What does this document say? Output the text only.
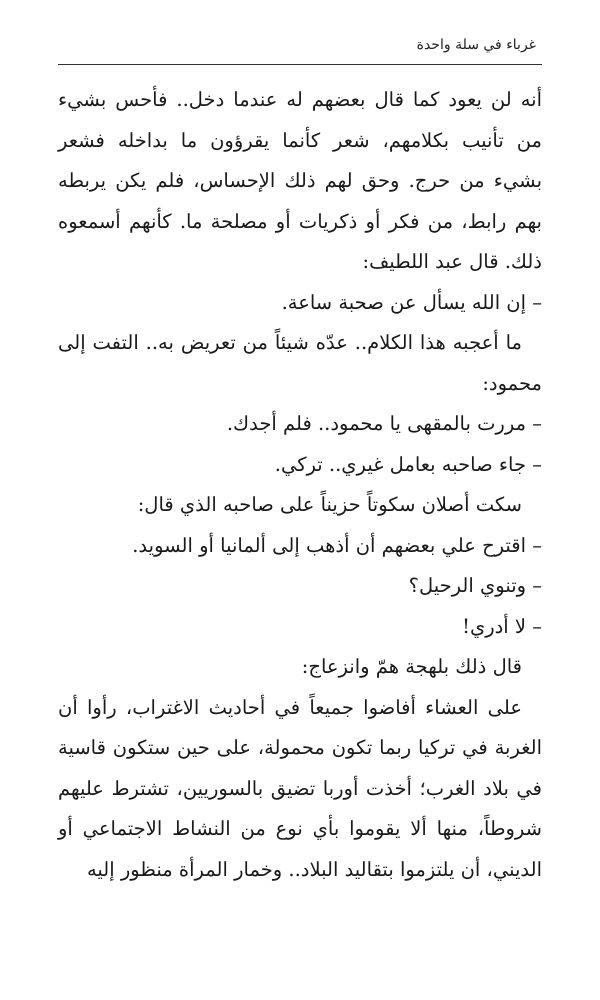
غرباء في سلة واحدة

أنه لن يعود كما قال بعضهم له عندما دخل.. فأحس بشيء من تأنيب بكلامهم، شعر كأنما يقرؤون ما بداخله فشعر بشيء من حرج. وحق لهم ذلك الإحساس، فلم يكن يربطه بهم رابط، من فكر أو ذكريات أو مصلحة ما. كأنهم أسمعوه ذلك. قال عبد اللطيف:

– إن الله يسأل عن صحبة ساعة.

ما أعجبه هذا الكلام.. عدّه شيئاً من تعريض به.. التفت إلى محمود:

– مررت بالمقهى يا محمود.. فلم أجدك.

– جاء صاحبه بعامل غيري.. تركي.

سكت أصلان سكوتاً حزيناً على صاحبه الذي قال:

– اقترح علي بعضهم أن أذهب إلى ألمانيا أو السويد.

– وتنوي الرحيل؟

– لا أدري!

قال ذلك بلهجة همّ وانزعاج:

على العشاء أفاضوا جميعاً في أحاديث الاغتراب، رأوا أن الغربة في تركيا ربما تكون محمولة، على حين ستكون قاسية في بلاد الغرب؛ أخذت أوربا تضيق بالسوريين، تشترط عليهم شروطاً، منها ألا يقوموا بأي نوع من النشاط الاجتماعي أو الديني، أن يلتزموا بتقاليد البلاد.. وخمار المرأة منظور إليه
